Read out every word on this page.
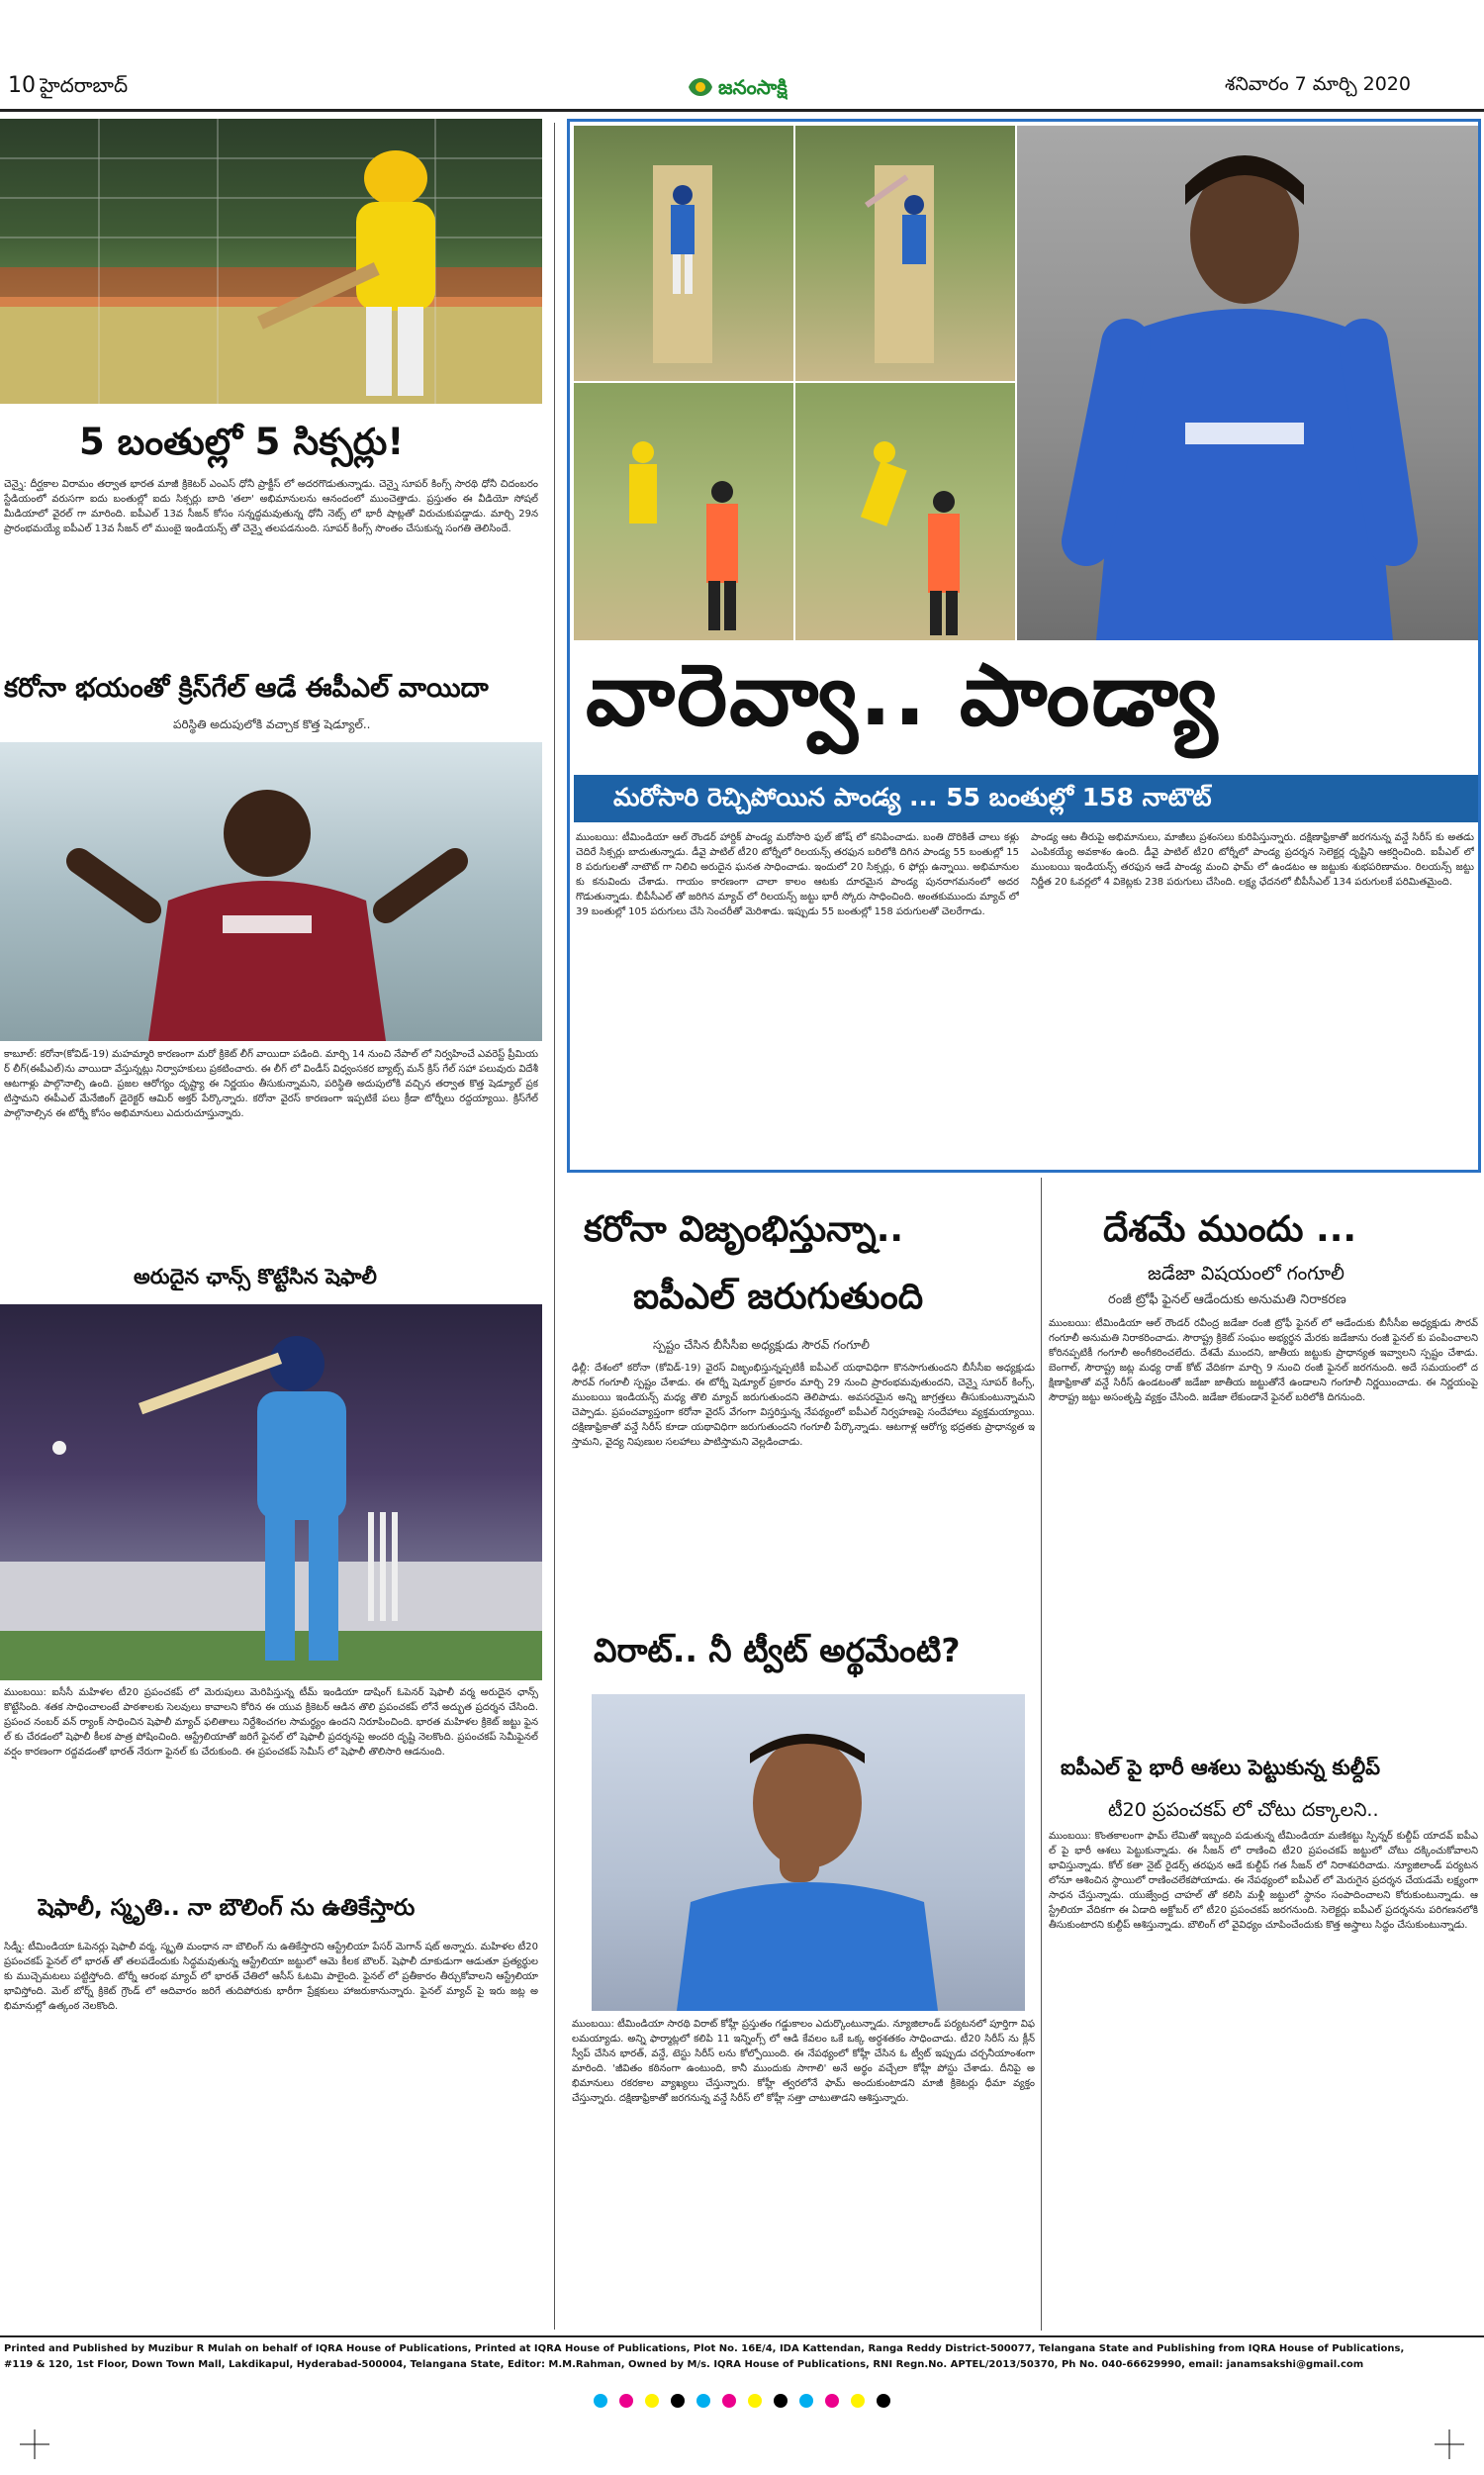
10 హైదరాబాద్	జనంసాక్షి	శనివారం 7 మార్చి 2020
5 బంతుల్లో 5 సిక్సర్లు!
చెన్నై: దీర్ఘకాల విరామం తర్వాత భారత మాజీ క్రికెటర్ ఎంఎస్ ధోనీ ప్రాక్టీస్ లో అదరగొడుతున్నాడు. చెన్నై సూపర్ కింగ్స్ సారథి ధోనీ చిదంబరం స్టేడియంలో వరుసగా ఐదు బంతుల్లో ఐదు సిక్సర్లు బాది 'తలా' అభిమానులను ఆనందంలో ముంచెత్తాడు. ప్రస్తుతం ఈ వీడియో సోషల్ మీడియాలో వైరల్ గా మారింది. ఐపీఎల్ 13వ సీజన్ కోసం సన్నద్ధమవుతున్న ధోనీ నెట్స్ లో భారీ షాట్లతో విరుచుకుపడ్డాడు. మార్చి 29న ప్రారంభమయ్యే ఐపీఎల్ 13వ సీజన్ లో ముంబై ఇండియన్స్ తో చెన్నై తలపడనుంది. సూపర్ కింగ్స్ సొంతం చేసుకున్న సంగతి తెలిసిందే.
కరోనా భయంతో క్రిస్‌గేల్ ఆడే ఈపీఎల్ వాయిదా
పరిస్థితి అదుపులోకి వచ్చాక కొత్త షెడ్యూల్..
కాబూల్: కరోనా(కోవిడ్-19) మహమ్మారి కారణంగా మరో క్రికెట్ లీగ్ వాయిదా పడింది. మార్చి 14 నుంచి నేపాల్ లో నిర్వహించే ఎవరెస్ట్ ప్రీమియర్ లీగ్(ఈపీఎల్)ను వాయిదా వేస్తున్నట్లు నిర్వాహకులు ప్రకటించారు. ఈ లీగ్ లో విండీస్ విధ్వంసకర బ్యాట్స్ మన్ క్రిస్ గేల్ సహా పలువురు విదేశీ ఆటగాళ్లు పాల్గొనాల్సి ఉంది. ప్రజల ఆరోగ్యం దృష్ట్యా ఈ నిర్ణయం తీసుకున్నామని, పరిస్థితి అదుపులోకి వచ్చిన తర్వాత కొత్త షెడ్యూల్ ప్రకటిస్తామని ఈపీఎల్ మేనేజింగ్ డైరెక్టర్ ఆమిర్ అక్తర్ పేర్కొన్నారు. కరోనా వైరస్ కారణంగా ఇప్పటికే పలు క్రీడా టోర్నీలు రద్దయ్యాయి. క్రిస్‌గేల్ పాల్గొనాల్సిన ఈ టోర్నీ కోసం అభిమానులు ఎదురుచూస్తున్నారు.
అరుదైన ఛాన్స్ కొట్టేసిన షెఫాలీ
ముంబయి: ఐసీసీ మహిళల టీ20 ప్రపంచకప్ లో మెరుపులు మెరిపిస్తున్న టీమ్ ఇండియా డాషింగ్ ఓపెనర్ షెఫాలీ వర్మ అరుదైన ఛాన్స్ కొట్టేసింది. శతక సాధించాలంటే పాఠశాలకు సెలవులు కావాలని కోరిన ఈ యువ క్రికెటర్ ఆడిన తొలి ప్రపంచకప్ లోనే అద్భుత ప్రదర్శన చేసింది. ప్రపంచ నంబర్ వన్ ర్యాంక్ సాధించిన షెఫాలీ మ్యాచ్ ఫలితాలు నిర్దేశించగల సామర్థ్యం ఉందని నిరూపించింది. భారత మహిళల క్రికెట్ జట్టు ఫైనల్ కు చేరడంలో షెఫాలీ కీలక పాత్ర పోషించింది. ఆస్ట్రేలియాతో జరిగే ఫైనల్ లో షెఫాలీ ప్రదర్శనపై అందరి దృష్టి నెలకొంది. ప్రపంచకప్ సెమీఫైనల్ వర్షం కారణంగా రద్దవడంతో భారత్ నేరుగా ఫైనల్ కు చేరుకుంది. ఈ ప్రపంచకప్ సెమీస్ లో షెఫాలీ తొలిసారి ఆడనుంది.
షెఫాలీ, స్మృతి.. నా బౌలింగ్ ను ఉతికేస్తారు
సిడ్నీ: టీమిండియా ఓపెనర్లు షెఫాలీ వర్మ, స్మృతి మంధాన నా బౌలింగ్ ను ఉతికేస్తారని ఆస్ట్రేలియా పేసర్ మెగాన్ షట్ అన్నారు. మహిళల టీ20 ప్రపంచకప్ ఫైనల్ లో భారత్ తో తలపడేందుకు సిద్ధమవుతున్న ఆస్ట్రేలియా జట్టులో ఆమె కీలక బౌలర్. షెఫాలీ దూకుడుగా ఆడుతూ ప్రత్యర్థులకు ముచ్చెమటలు పట్టిస్తోంది. టోర్నీ ఆరంభ మ్యాచ్ లో భారత్ చేతిలో ఆసీస్ ఓటమి పాలైంది. ఫైనల్ లో ప్రతీకారం తీర్చుకోవాలని ఆస్ట్రేలియా భావిస్తోంది. మెల్ బోర్న్ క్రికెట్ గ్రౌండ్ లో ఆదివారం జరిగే తుదిపోరుకు భారీగా ప్రేక్షకులు హాజరుకానున్నారు. ఫైనల్ మ్యాచ్ పై ఇరు జట్ల అభిమానుల్లో ఉత్కంఠ నెలకొంది.
వారెవ్వా.. పాండ్యా
మరోసారి రెచ్చిపోయిన పాండ్య ... 55 బంతుల్లో 158 నాటౌట్
ముంబయి: టీమిండియా ఆల్ రౌండర్ హార్దిక్ పాండ్య మరోసారి ఫుల్ జోష్ లో కనిపించాడు. బంతి దొరికితే చాలు కళ్లు చెదిరే సిక్సర్లు బాదుతున్నాడు. డీవై పాటిల్ టీ20 టోర్నీలో రిలయన్స్ తరఫున బరిలోకి దిగిన పాండ్య 55 బంతుల్లో 158 పరుగులతో నాటౌట్ గా నిలిచి అరుదైన ఘనత సాధించాడు. ఇందులో 20 సిక్సర్లు, 6 ఫోర్లు ఉన్నాయి. అభిమానులకు కనువిందు చేశాడు. గాయం కారణంగా చాలా కాలం ఆటకు దూరమైన పాండ్య పునరాగమనంలో అదరగొడుతున్నాడు. బీపీసీఎల్ తో జరిగిన మ్యాచ్ లో రిలయన్స్ జట్టు భారీ స్కోరు సాధించింది. అంతకుముందు మ్యాచ్ లో 39 బంతుల్లో 105 పరుగులు చేసి సెంచరీతో మెరిశాడు. ఇప్పుడు 55 బంతుల్లో 158 పరుగులతో చెలరేగాడు.
పాండ్య ఆట తీరుపై అభిమానులు, మాజీలు ప్రశంసలు కురిపిస్తున్నారు. దక్షిణాఫ్రికాతో జరగనున్న వన్డే సిరీస్ కు అతడు ఎంపికయ్యే అవకాశం ఉంది. డీవై పాటిల్ టీ20 టోర్నీలో పాండ్య ప్రదర్శన సెలెక్టర్ల దృష్టిని ఆకర్షించింది. ఐపీఎల్ లో ముంబయి ఇండియన్స్ తరఫున ఆడే పాండ్య మంచి ఫామ్ లో ఉండటం ఆ జట్టుకు శుభపరిణామం. రిలయన్స్ జట్టు నిర్ణీత 20 ఓవర్లలో 4 వికెట్లకు 238 పరుగులు చేసింది. లక్ష్య ఛేదనలో బీపీసీఎల్ 134 పరుగులకే పరిమితమైంది.
కరోనా విజృంభిస్తున్నా..
ఐపీఎల్ జరుగుతుంది
స్పష్టం చేసిన బీసీసీఐ అధ్యక్షుడు సౌరవ్ గంగూలీ
ఢిల్లీ: దేశంలో కరోనా (కోవిడ్-19) వైరస్ విజృంభిస్తున్నప్పటికీ ఐపీఎల్ యథావిధిగా కొనసాగుతుందని బీసీసీఐ అధ్యక్షుడు సౌరవ్ గంగూలీ స్పష్టం చేశాడు. ఈ టోర్నీ షెడ్యూల్ ప్రకారం మార్చి 29 నుంచి ప్రారంభమవుతుందని, చెన్నై సూపర్ కింగ్స్, ముంబయి ఇండియన్స్ మధ్య తొలి మ్యాచ్ జరుగుతుందని తెలిపాడు. అవసరమైన అన్ని జాగ్రత్తలు తీసుకుంటున్నామని చెప్పాడు. ప్రపంచవ్యాప్తంగా కరోనా వైరస్ వేగంగా విస్తరిస్తున్న నేపథ్యంలో ఐపీఎల్ నిర్వహణపై సందేహాలు వ్యక్తమయ్యాయి. దక్షిణాఫ్రికాతో వన్డే సిరీస్ కూడా యథావిధిగా జరుగుతుందని గంగూలీ పేర్కొన్నాడు. ఆటగాళ్ల ఆరోగ్య భద్రతకు ప్రాధాన్యత ఇస్తామని, వైద్య నిపుణుల సలహాలు పాటిస్తామని వెల్లడించాడు.
విరాట్.. నీ ట్వీట్ అర్థమేంటి?
ముంబయి: టీమిండియా సారథి విరాట్ కోహ్లీ ప్రస్తుతం గడ్డుకాలం ఎదుర్కొంటున్నాడు. న్యూజిలాండ్ పర్యటనలో పూర్తిగా విఫలమయ్యాడు. అన్ని ఫార్మాట్లలో కలిపి 11 ఇన్నింగ్స్ లో ఆడి కేవలం ఒకే ఒక్క అర్ధశతకం సాధించాడు. టీ20 సిరీస్ ను క్లీన్ స్వీప్ చేసిన భారత్, వన్డే, టెస్టు సిరీస్ లను కోల్పోయింది. ఈ నేపథ్యంలో కోహ్లీ చేసిన ఓ ట్వీట్ ఇప్పుడు చర్చనీయాంశంగా మారింది. 'జీవితం కఠినంగా ఉంటుంది, కానీ ముందుకు సాగాలి' అనే అర్థం వచ్చేలా కోహ్లీ పోస్టు చేశాడు. దీనిపై అభిమానులు రకరకాల వ్యాఖ్యలు చేస్తున్నారు. కోహ్లీ త్వరలోనే ఫామ్ అందుకుంటాడని మాజీ క్రికెటర్లు ధీమా వ్యక్తం చేస్తున్నారు. దక్షిణాఫ్రికాతో జరగనున్న వన్డే సిరీస్ లో కోహ్లీ సత్తా చాటుతాడని ఆశిస్తున్నారు.
దేశమే ముందు ...
జడేజా విషయంలో గంగూలీ
రంజీ ట్రోఫీ ఫైనల్ ఆడేందుకు అనుమతి నిరాకరణ
ముంబయి: టీమిండియా ఆల్ రౌండర్ రవీంద్ర జడేజా రంజీ ట్రోఫీ ఫైనల్ లో ఆడేందుకు బీసీసీఐ అధ్యక్షుడు సౌరవ్ గంగూలీ అనుమతి నిరాకరించాడు. సౌరాష్ట్ర క్రికెట్ సంఘం అభ్యర్థన మేరకు జడేజాను రంజీ ఫైనల్ కు పంపించాలని కోరినప్పటికీ గంగూలీ అంగీకరించలేదు. దేశమే ముందని, జాతీయ జట్టుకు ప్రాధాన్యత ఇవ్వాలని స్పష్టం చేశాడు. బెంగాల్, సౌరాష్ట్ర జట్ల మధ్య రాజ్ కోట్ వేదికగా మార్చి 9 నుంచి రంజీ ఫైనల్ జరగనుంది. అదే సమయంలో దక్షిణాఫ్రికాతో వన్డే సిరీస్ ఉండటంతో జడేజా జాతీయ జట్టుతోనే ఉండాలని గంగూలీ నిర్ణయించాడు. ఈ నిర్ణయంపై సౌరాష్ట్ర జట్టు అసంతృప్తి వ్యక్తం చేసింది. జడేజా లేకుండానే ఫైనల్ బరిలోకి దిగనుంది.
ఐపీఎల్ పై భారీ ఆశలు పెట్టుకున్న కుల్దీప్
టీ20 ప్రపంచకప్ లో చోటు దక్కాలని..
ముంబయి: కొంతకాలంగా ఫామ్ లేమితో ఇబ్బంది పడుతున్న టీమిండియా మణికట్టు స్పిన్నర్ కుల్దీప్ యాదవ్ ఐపీఎల్ పై భారీ ఆశలు పెట్టుకున్నాడు. ఈ సీజన్ లో రాణించి టీ20 ప్రపంచకప్ జట్టులో చోటు దక్కించుకోవాలని భావిస్తున్నాడు. కోల్ కతా నైట్ రైడర్స్ తరఫున ఆడే కుల్దీప్ గత సీజన్ లో నిరాశపరిచాడు. న్యూజిలాండ్ పర్యటనలోనూ ఆశించిన స్థాయిలో రాణించలేకపోయాడు. ఈ నేపథ్యంలో ఐపీఎల్ లో మెరుగైన ప్రదర్శన చేయడమే లక్ష్యంగా సాధన చేస్తున్నాడు. యుజ్వేంద్ర చాహల్ తో కలిసి మళ్లీ జట్టులో స్థానం సంపాదించాలని కోరుకుంటున్నాడు. ఆస్ట్రేలియా వేదికగా ఈ ఏడాది అక్టోబర్ లో టీ20 ప్రపంచకప్ జరగనుంది. సెలెక్టర్లు ఐపీఎల్ ప్రదర్శనను పరిగణనలోకి తీసుకుంటారని కుల్దీప్ ఆశిస్తున్నాడు. బౌలింగ్ లో వైవిధ్యం చూపించేందుకు కొత్త అస్త్రాలు సిద్ధం చేసుకుంటున్నాడు.
Printed and Published by Muzibur R Mulah on behalf of IQRA House of Publications, Printed at IQRA House of Publications, Plot No. 16E/4, IDA Kattendan, Ranga Reddy District-500077, Telangana State and Publishing from IQRA House of Publications,
#119 & 120, 1st Floor, Down Town Mall, Lakdikapul, Hyderabad-500004, Telangana State, Editor: M.M.Rahman, Owned by M/s. IQRA House of Publications, RNI Regn.No. APTEL/2013/50370, Ph No. 040-66629990, email: janamsakshi@gmail.com
